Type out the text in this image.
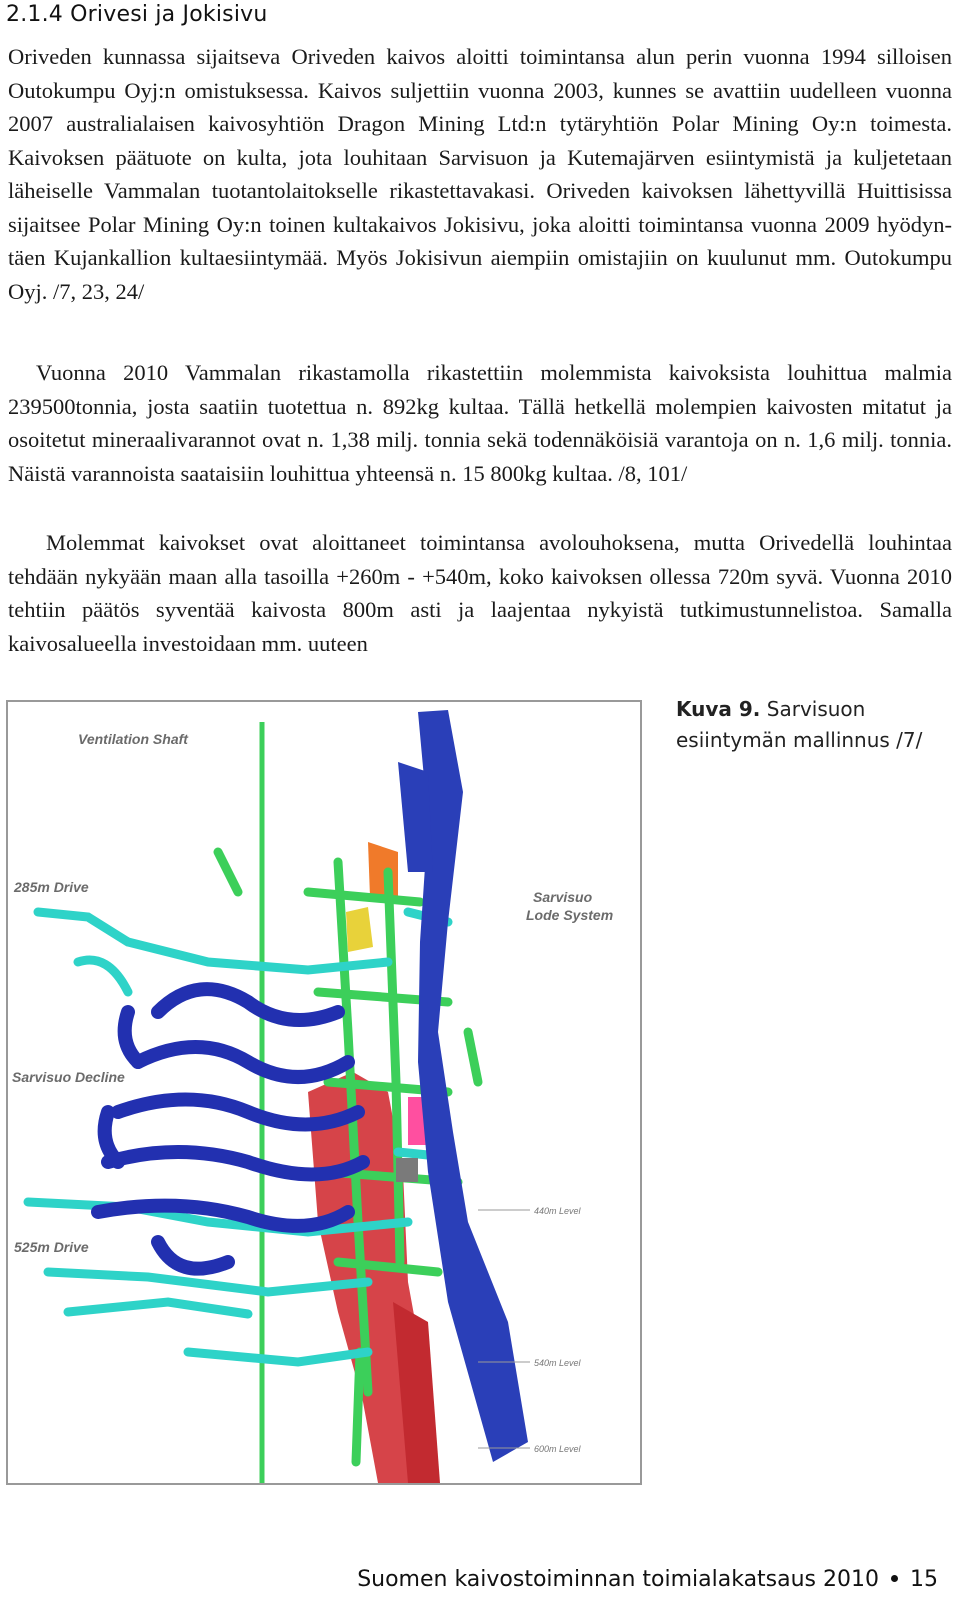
2.1.4 Orivesi ja Jokisivu
Oriveden kunnassa sijaitseva Oriveden kaivos aloitti toimintansa alun perin vuonna 1994 silloisen Outokumpu Oyj:n omistuksessa. Kaivos suljettiin vuonna 2003, kunnes se avattiin uudelleen vuonna 2007 australialaisen kaivosyhtiön Dragon Mining Ltd:n tytäryhtiön Polar Mining Oy:n toimesta. Kaivoksen päätuote on kulta, jota louhitaan Sarvisuon ja Kutemajärven esiintymistä ja kuljetetaan läheiselle Vammalan tuotantolaitokselle rikastettavakasi. Oriveden kaivoksen lähettyvillä Huittisissa sijaitsee Polar Mining Oy:n toinen kultakaivos Jokisivu, joka aloitti toimintansa vuonna 2009 hyödyntäen Kujankallion kultaesiintymää. Myös Jokisivun aiempiin omistajiin on kuulunut mm. Outokumpu Oyj. /7, 23, 24/
Vuonna 2010 Vammalan rikastamolla rikastettiin molemmista kaivoksista louhittua malmia 239500tonnia, josta saatiin tuotettua n. 892kg kultaa. Tällä hetkellä molempien kaivosten mitatut ja osoitetut mineraalivarannot ovat n. 1,38 milj. tonnia sekä todennäköisiä varantoja on n. 1,6 milj. tonnia. Näistä varannoista saataisiin louhittua yhteensä n. 15 800kg kultaa. /8, 101/
Molemmat kaivokset ovat aloittaneet toimintansa avolouhoksena, mutta Orivedellä louhintaa tehdään nykyään maan alla tasoilla +260m - +540m, koko kaivoksen ollessa 720m syvä. Vuonna 2010 tehtiin päätös syventää kaivosta 800m asti ja laajentaa nykyistä tutkimustunnelistoa. Samalla kaivosalueella investoidaan mm. uuteen
Ventilation Shaft
285m Drive
Sarvisuo
Lode System
Sarvisuo Decline
525m Drive
440m Level
540m Level
600m Level
Kuva 9. Sarvisuon esiintymän mallinnus /7/
Suomen kaivostoiminnan toimialakatsaus 2010 15
